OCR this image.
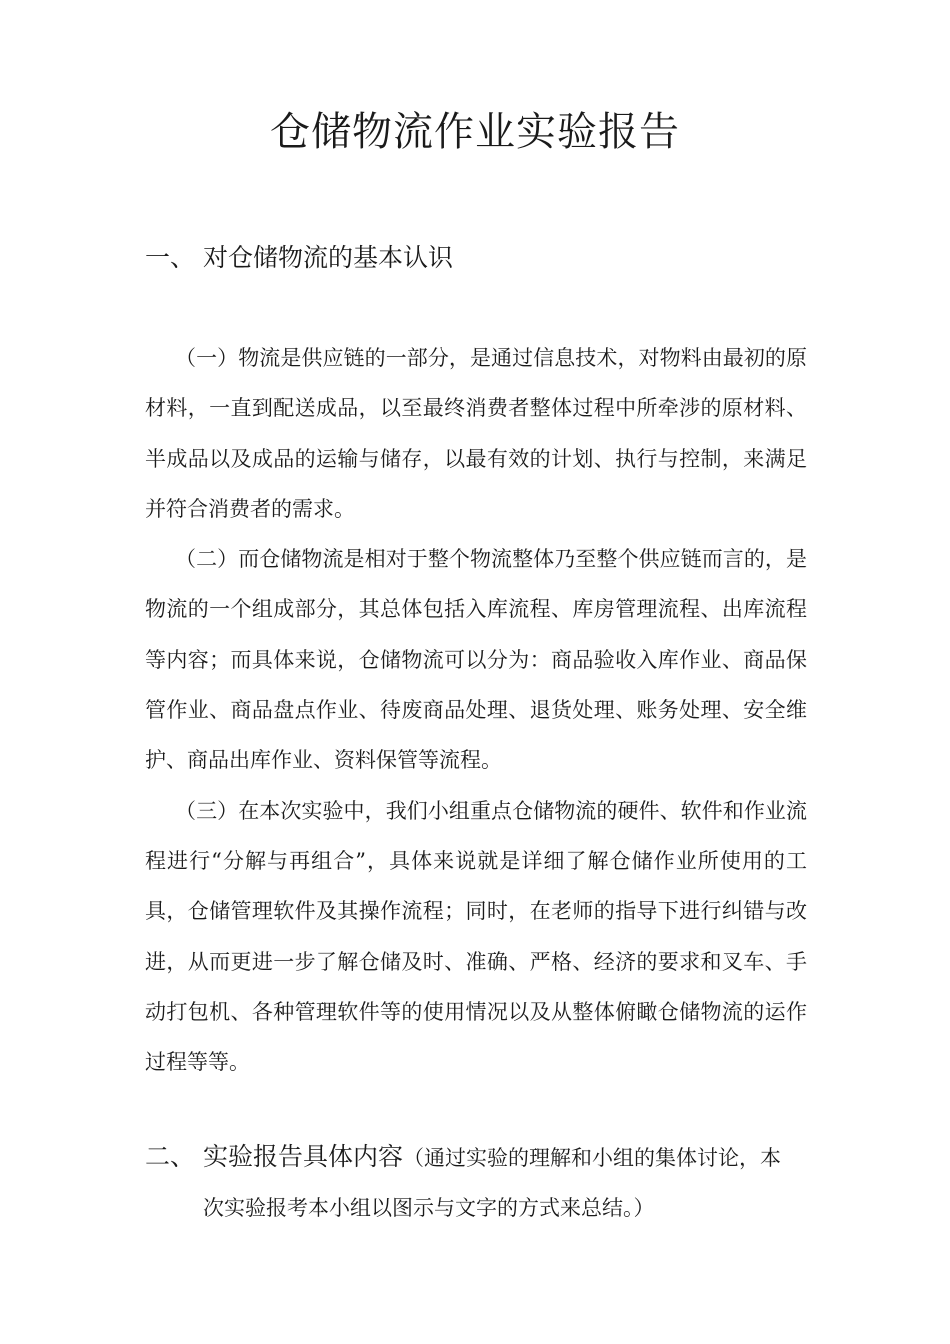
仓储物流作业实验报告
一、 对仓储物流的基本认识

（一）物流是供应链的一部分，是通过信息技术，对物料由最初的原材料，一直到配送成品，以至最终消费者整体过程中所牵涉的原材料、半成品以及成品的运输与储存，以最有效的计划、执行与控制，来满足并符合消费者的需求。

（二）而仓储物流是相对于整个物流整体乃至整个供应链而言的，是物流的一个组成部分，其总体包括入库流程、库房管理流程、出库流程等内容；而具体来说，仓储物流可以分为：商品验收入库作业、商品保管作业、商品盘点作业、待废商品处理、退货处理、账务处理、安全维护、商品出库作业、资料保管等流程。

（三）在本次实验中，我们小组重点仓储物流的硬件、软件和作业流程进行“分解与再组合”，具体来说就是详细了解仓储作业所使用的工具，仓储管理软件及其操作流程；同时，在老师的指导下进行纠错与改进，从而更进一步了解仓储及时、准确、严格、经济的要求和叉车、手动打包机、各种管理软件等的使用情况以及从整体俯瞰仓储物流的运作过程等等。

二、 实验报告具体内容（通过实验的理解和小组的集体讨论，本
次实验报考本小组以图示与文字的方式来总结。）
